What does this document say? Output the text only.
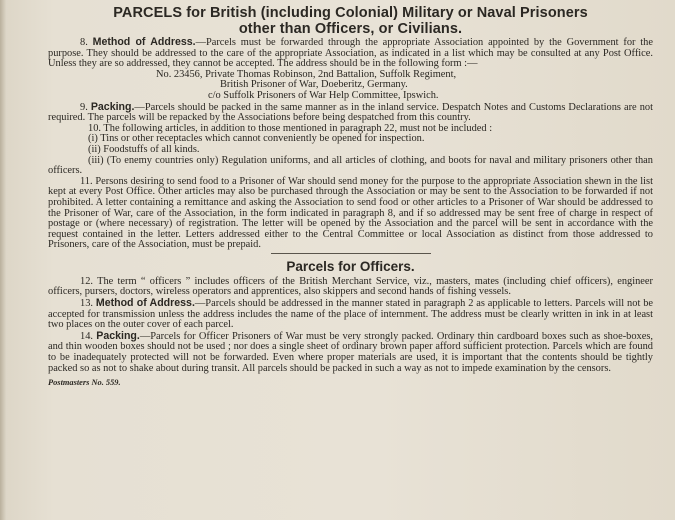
PARCELS for British (including Colonial) Military or Naval Prisoners
other than Officers, or Civilians.

8. Method of Address.—Parcels must be forwarded through the appropriate Association appointed by the Government for the purpose. They should be addressed to the care of the appropriate Association, as indicated in a list which may be consulted at any Post Office. Unless they are so addressed, they cannot be accepted. The address should be in the following form :—

No. 23456, Private Thomas Robinson, 2nd Battalion, Suffolk Regiment,
British Prisoner of War, Doeberitz, Germany.
c/o Suffolk Prisoners of War Help Committee, Ipswich.

9. Packing.—Parcels should be packed in the same manner as in the inland service. Despatch Notes and Customs Declarations are not required. The parcels will be repacked by the Associations before being despatched from this country.

10. The following articles, in addition to those mentioned in paragraph 22, must not be included :

(i) Tins or other receptacles which cannot conveniently be opened for inspection.

(ii) Foodstuffs of all kinds.

(iii) (To enemy countries only) Regulation uniforms, and all articles of clothing, and boots for naval and military prisoners other than officers.

11. Persons desiring to send food to a Prisoner of War should send money for the purpose to the appropriate Association shewn in the list kept at every Post Office. Other articles may also be purchased through the Association or may be sent to the Association to be forwarded if not prohibited. A letter containing a remittance and asking the Association to send food or other articles to a Prisoner of War should be addressed to the Prisoner of War, care of the Association, in the form indicated in paragraph 8, and if so addressed may be sent free of charge in respect of postage or (where necessary) of registration. The letter will be opened by the Association and the parcel will be sent in accordance with the request contained in the letter. Letters addressed either to the Central Committee or local Association as distinct from those addressed to Prisoners, care of the Association, must be prepaid.

Parcels for Officers.

12. The term “ officers ” includes officers of the British Merchant Service, viz., masters, mates (including chief officers), engineer officers, pursers, doctors, wireless operators and apprentices, also skippers and second hands of fishing vessels.

13. Method of Address.—Parcels should be addressed in the manner stated in paragraph 2 as applicable to letters. Parcels will not be accepted for transmission unless the address includes the name of the place of internment. The address must be clearly written in ink in at least two places on the outer cover of each parcel.

14. Packing.—Parcels for Officer Prisoners of War must be very strongly packed. Ordinary thin cardboard boxes such as shoe-boxes, and thin wooden boxes should not be used ; nor does a single sheet of ordinary brown paper afford sufficient protection. Parcels which are found to be inadequately protected will not be forwarded. Even where proper materials are used, it is important that the contents should be tightly packed so as not to shake about during transit. All parcels should be packed in such a way as not to impede examination by the censors.

Postmasters No. 559.
